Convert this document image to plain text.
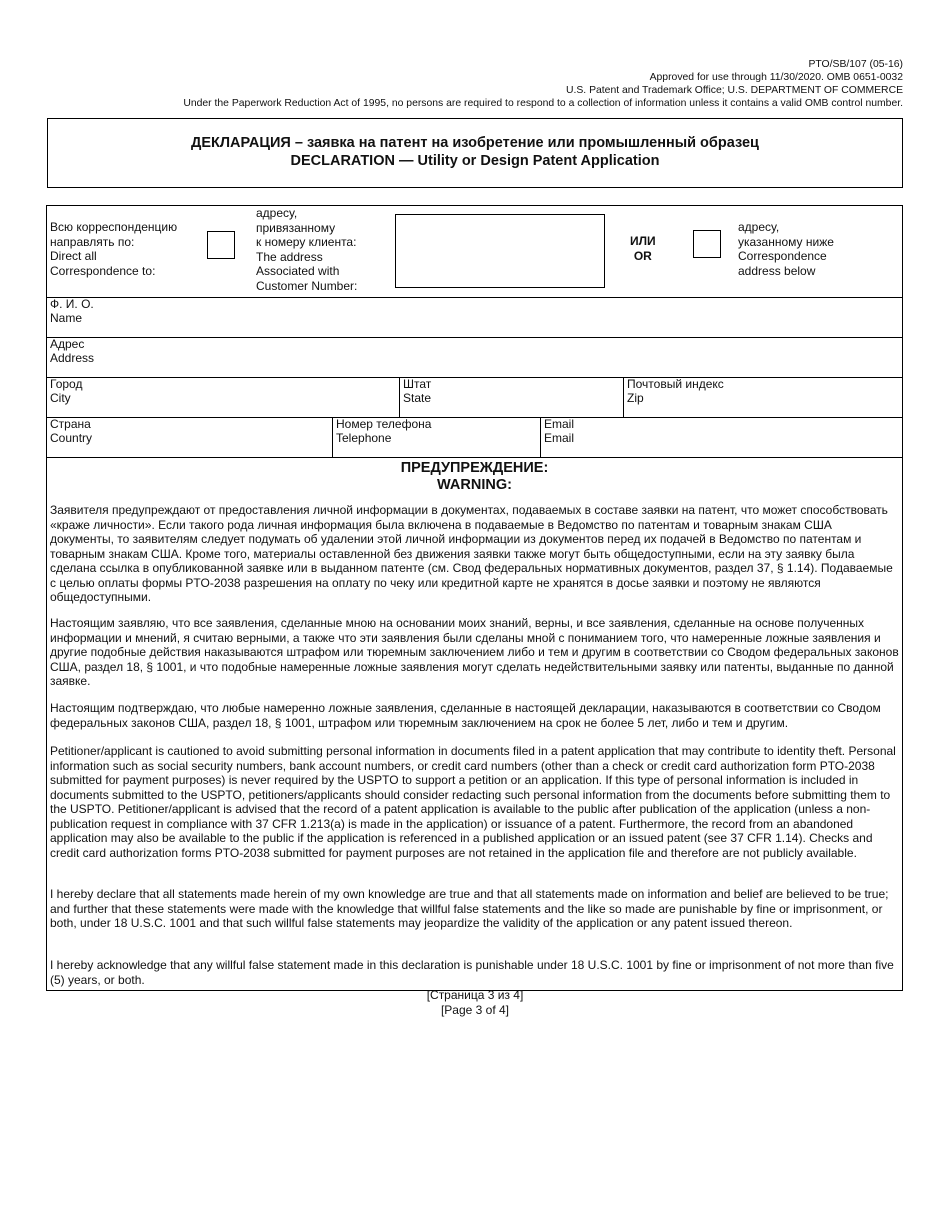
PTO/SB/107 (05-16)
Approved for use through 11/30/2020. OMB 0651-0032
U.S. Patent and Trademark Office; U.S. DEPARTMENT OF COMMERCE
Under the Paperwork Reduction Act of 1995, no persons are required to respond to a collection of information unless it contains a valid OMB control number.
ДЕКЛАРАЦИЯ – заявка на патент на изобретение или промышленный образец
DECLARATION — Utility or Design Patent Application
Всю корреспонденцию
направлять по:
Direct all
Correspondence to:
адресу,
привязанному
к номеру клиента:
The address
Associated with
Customer Number:
ИЛИ
OR
адресу,
указанному ниже
Correspondence
address below
Ф. И. О.
Name
Адрес
Address
Город
City
Штат
State
Почтовый индекс
Zip
Страна
Country
Номер телефона
Telephone
Email
Email
ПРЕДУПРЕЖДЕНИЕ:
WARNING:
Заявителя предупреждают от предоставления личной информации в документах, подаваемых в составе заявки на патент, что может способствовать «краже личности». Если такого рода личная информация была включена в подаваемые в Ведомство по патентам и товарным знакам США документы, то заявителям следует подумать об удалении этой личной информации из документов перед их подачей в Ведомство по патентам и товарным знакам США. Кроме того, материалы оставленной без движения заявки также могут быть общедоступными, если на эту заявку была сделана ссылка в опубликованной заявке или в выданном патенте (см. Свод федеральных нормативных документов, раздел 37, § 1.14). Подаваемые с целью оплаты формы PTO-2038 разрешения на оплату по чеку или кредитной карте не хранятся в досье заявки и поэтому не являются общедоступными.
Настоящим заявляю, что все заявления, сделанные мною на основании моих знаний, верны, и все заявления, сделанные на основе полученных информации и мнений, я считаю верными, а также что эти заявления были сделаны мной с пониманием того, что намеренные ложные заявления и другие подобные действия наказываются штрафом или тюремным заключением либо и тем и другим в соответствии со Сводом федеральных законов США, раздел 18, § 1001, и что подобные намеренные ложные заявления могут сделать недействительными заявку или патенты, выданные по данной заявке.
Настоящим подтверждаю, что любые намеренно ложные заявления, сделанные в настоящей декларации, наказываются в соответствии со Сводом федеральных законов США, раздел 18, § 1001, штрафом или тюремным заключением на срок не более 5 лет, либо и тем и другим.
Petitioner/applicant is cautioned to avoid submitting personal information in documents filed in a patent application that may contribute to identity theft. Personal information such as social security numbers, bank account numbers, or credit card numbers (other than a check or credit card authorization form PTO-2038 submitted for payment purposes) is never required by the USPTO to support a petition or an application. If this type of personal information is included in documents submitted to the USPTO, petitioners/applicants should consider redacting such personal information from the documents before submitting them to the USPTO. Petitioner/applicant is advised that the record of a patent application is available to the public after publication of the application (unless a non-publication request in compliance with 37 CFR 1.213(a) is made in the application) or issuance of a patent. Furthermore, the record from an abandoned application may also be available to the public if the application is referenced in a published application or an issued patent (see 37 CFR 1.14). Checks and credit card authorization forms PTO-2038 submitted for payment purposes are not retained in the application file and therefore are not publicly available.
I hereby declare that all statements made herein of my own knowledge are true and that all statements made on information and belief are believed to be true; and further that these statements were made with the knowledge that willful false statements and the like so made are punishable by fine or imprisonment, or both, under 18 U.S.C. 1001 and that such willful false statements may jeopardize the validity of the application or any patent issued thereon.
I hereby acknowledge that any willful false statement made in this declaration is punishable under 18 U.S.C. 1001 by fine or imprisonment of not more than five (5) years, or both.
[Страница 3 из 4]
[Page 3 of 4]
